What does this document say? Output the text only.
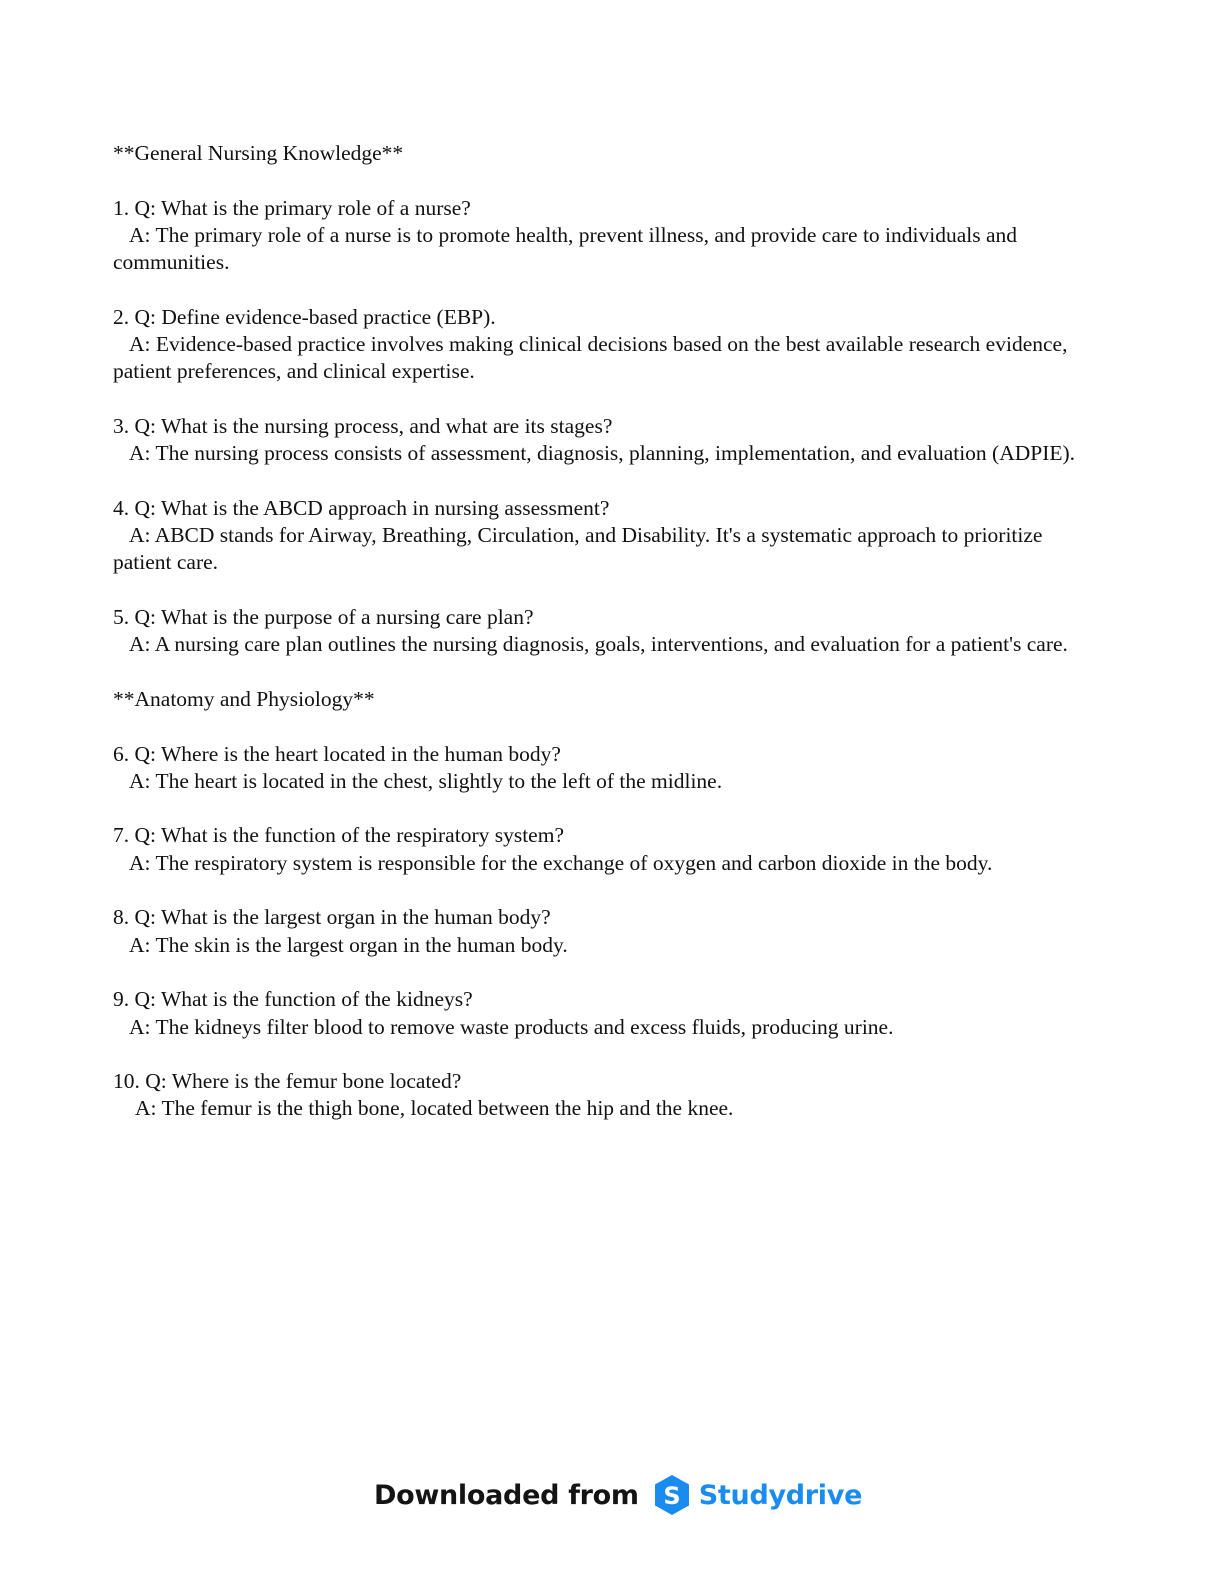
**General Nursing Knowledge**

1. Q: What is the primary role of a nurse?
A: The primary role of a nurse is to promote health, prevent illness, and provide care to individuals and communities.
2. Q: Define evidence-based practice (EBP).
A: Evidence-based practice involves making clinical decisions based on the best available research evidence, patient preferences, and clinical expertise.
3. Q: What is the nursing process, and what are its stages?
A: The nursing process consists of assessment, diagnosis, planning, implementation, and evaluation (ADPIE).
4. Q: What is the ABCD approach in nursing assessment?
A: ABCD stands for Airway, Breathing, Circulation, and Disability. It's a systematic approach to prioritize patient care.
5. Q: What is the purpose of a nursing care plan?
A: A nursing care plan outlines the nursing diagnosis, goals, interventions, and evaluation for a patient's care.

**Anatomy and Physiology**

6. Q: Where is the heart located in the human body?
A: The heart is located in the chest, slightly to the left of the midline.
7. Q: What is the function of the respiratory system?
A: The respiratory system is responsible for the exchange of oxygen and carbon dioxide in the body.
8. Q: What is the largest organ in the human body?
A: The skin is the largest organ in the human body.
9. Q: What is the function of the kidneys?
A: The kidneys filter blood to remove waste products and excess fluids, producing urine.
10. Q: Where is the femur bone located?
A: The femur is the thigh bone, located between the hip and the knee.
Downloaded from S Studydrive
